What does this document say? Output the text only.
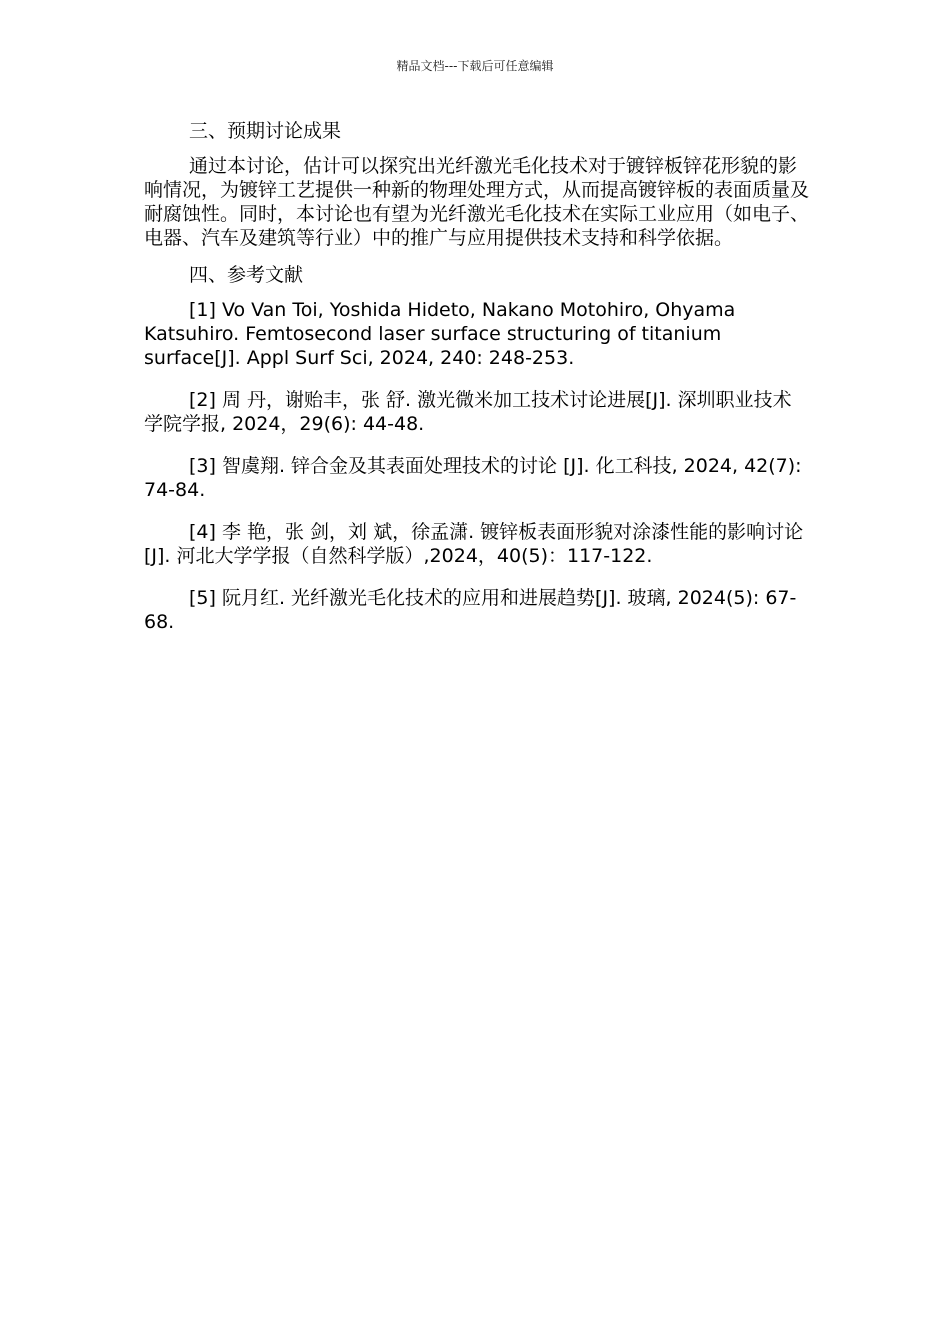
精品文档---下载后可任意编辑
三、预期讨论成果
通过本讨论，估计可以探究出光纤激光毛化技术对于镀锌板锌花形貌的影响情况，为镀锌工艺提供一种新的物理处理方式，从而提高镀锌板的表面质量及耐腐蚀性。同时，本讨论也有望为光纤激光毛化技术在实际工业应用（如电子、电器、汽车及建筑等行业）中的推广与应用提供技术支持和科学依据。
四、参考文献
[1] Vo Van Toi, Yoshida Hideto, Nakano Motohiro, Ohyama Katsuhiro. Femtosecond laser surface structuring of titanium surface[J]. Appl Surf Sci, 2024, 240: 248-253.
[2] 周 丹，谢贻丰，张 舒. 激光微米加工技术讨论进展[J]. 深圳职业技术学院学报, 2024，29(6): 44-48.
[3] 智虞翔. 锌合金及其表面处理技术的讨论 [J]. 化工科技, 2024, 42(7): 74-84.
[4] 李 艳，张 剑，刘 斌，徐孟潇. 镀锌板表面形貌对涂漆性能的影响讨论[J]. 河北大学学报（自然科学版）,2024，40(5)：117-122.
[5] 阮月红. 光纤激光毛化技术的应用和进展趋势[J]. 玻璃, 2024(5): 67-68.
